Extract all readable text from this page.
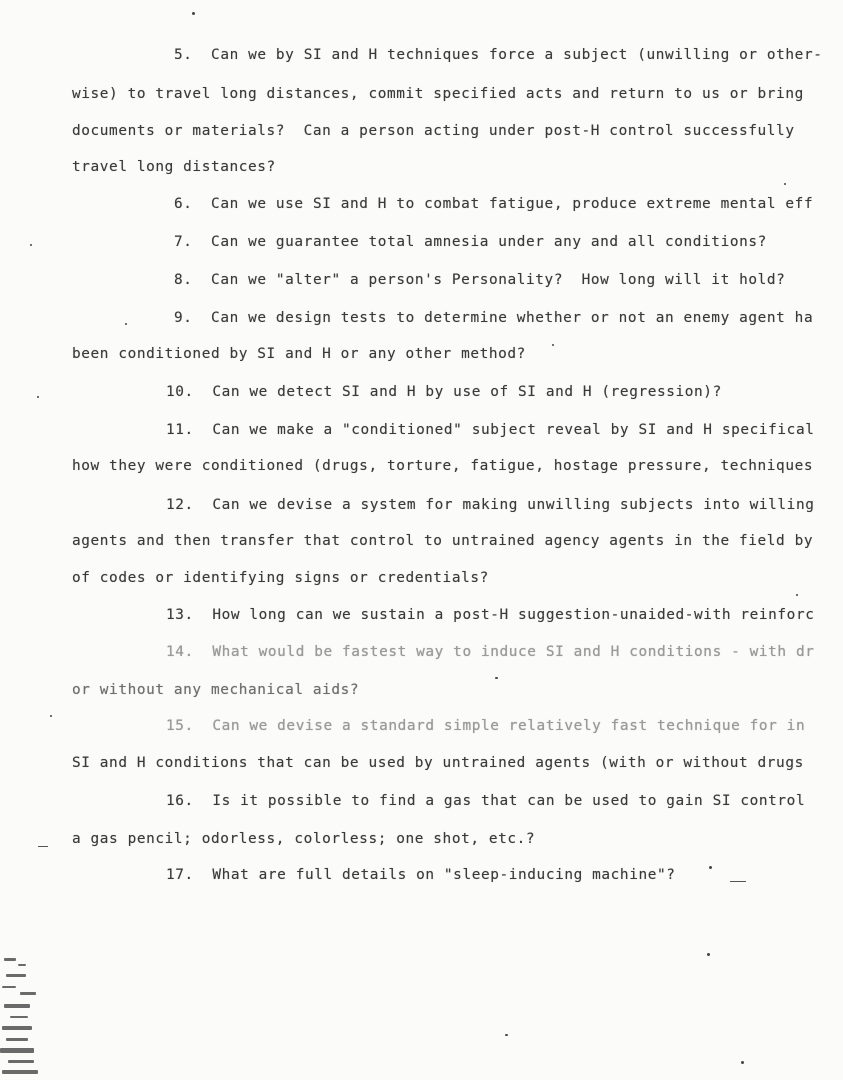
5.  Can we by SI and H techniques force a subject (unwilling or other-
wise) to travel long distances, commit specified acts and return to us or bring
documents or materials?  Can a person acting under post-H control successfully
travel long distances?
6.  Can we use SI and H to combat fatigue, produce extreme mental eff
7.  Can we guarantee total amnesia under any and all conditions?
8.  Can we "alter" a person's Personality?  How long will it hold?
9.  Can we design tests to determine whether or not an enemy agent ha
been conditioned by SI and H or any other method?
10.  Can we detect SI and H by use of SI and H (regression)?
11.  Can we make a "conditioned" subject reveal by SI and H specifical
how they were conditioned (drugs, torture, fatigue, hostage pressure, techniques
12.  Can we devise a system for making unwilling subjects into willing
agents and then transfer that control to untrained agency agents in the field by
of codes or identifying signs or credentials?
13.  How long can we sustain a post-H suggestion-unaided-with reinforc
14.  What would be fastest way to induce SI and H conditions - with dr
or without any mechanical aids?
15.  Can we devise a standard simple relatively fast technique for in
SI and H conditions that can be used by untrained agents (with or without drugs
16.  Is it possible to find a gas that can be used to gain SI control
a gas pencil; odorless, colorless; one shot, etc.?
17.  What are full details on "sleep-inducing machine"?
